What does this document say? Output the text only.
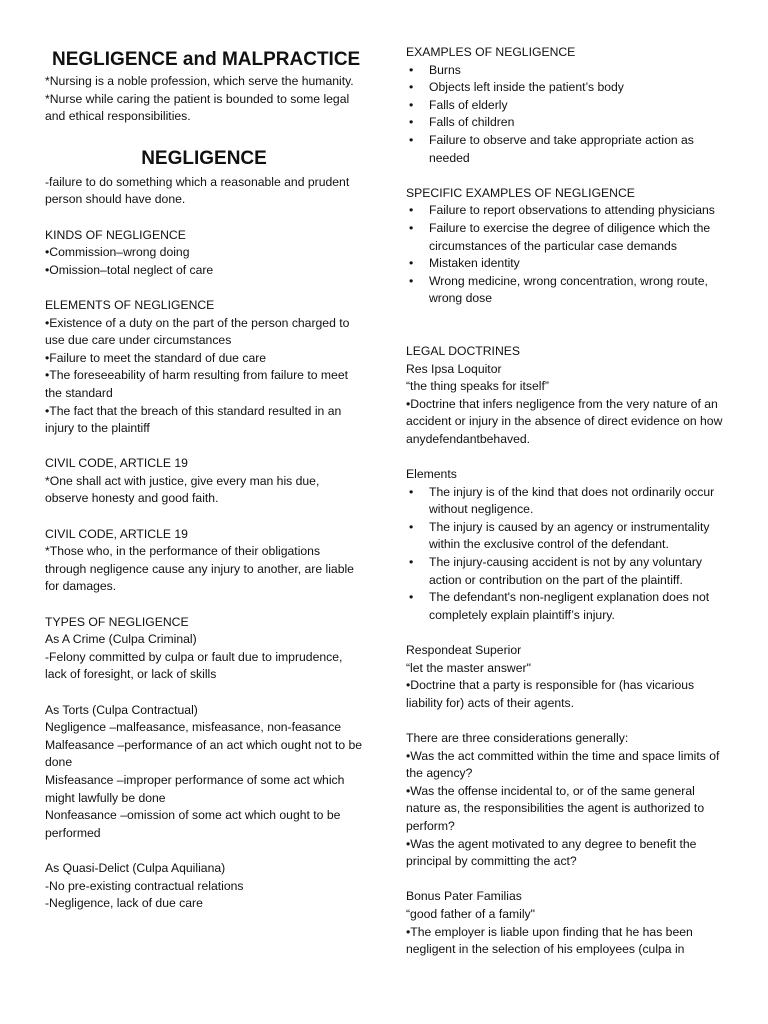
NEGLIGENCE and MALPRACTICE

*Nursing is a noble profession, which serve the humanity.

*Nurse while caring the patient is bounded to some legal and ethical responsibilities.

NEGLIGENCE

-failure to do something which a reasonable and prudent person should have done.

KINDS OF NEGLIGENCE

•Commission–wrong doing

•Omission–total neglect of care

ELEMENTS OF NEGLIGENCE

•Existence of a duty on the part of the person charged to use due care under circumstances

•Failure to meet the standard of due care

•The foreseeability of harm resulting from failure to meet the standard

•The fact that the breach of this standard resulted in an injury to the plaintiff

CIVIL CODE, ARTICLE 19

*One shall act with justice, give every man his due, observe honesty and good faith.

CIVIL CODE, ARTICLE 19

*Those who, in the performance of their obligations through negligence cause any injury to another, are liable for damages.

TYPES OF NEGLIGENCE

As A Crime (Culpa Criminal)

-Felony committed by culpa or fault due to imprudence, lack of foresight, or lack of skills

As Torts (Culpa Contractual)

Negligence –malfeasance, misfeasance, non-feasance

Malfeasance –performance of an act which ought not to be done

Misfeasance –improper performance of some act which might lawfully be done

Nonfeasance –omission of some act which ought to be performed

As Quasi-Delict (Culpa Aquiliana)

-No pre-existing contractual relations

-Negligence, lack of due care

EXAMPLES OF NEGLIGENCE

• Burns
• Objects left inside the patient’s body
• Falls of elderly
• Falls of children
• Failure to observe and take appropriate action as needed

SPECIFIC EXAMPLES OF NEGLIGENCE

• Failure to report observations to attending physicians
• Failure to exercise the degree of diligence which the circumstances of the particular case demands
• Mistaken identity
• Wrong medicine, wrong concentration, wrong route, wrong dose

LEGAL DOCTRINES

Res Ipsa Loquitor

“the thing speaks for itself”

•Doctrine that infers negligence from the very nature of an accident or injury in the absence of direct evidence on how anydefendantbehaved.

Elements

• The injury is of the kind that does not ordinarily occur without negligence.
• The injury is caused by an agency or instrumentality within the exclusive control of the defendant.
• The injury-causing accident is not by any voluntary action or contribution on the part of the plaintiff.
• The defendant's non-negligent explanation does not completely explain plaintiff’s injury.

Respondeat Superior

“let the master answer"

•Doctrine that a party is responsible for (has vicarious liability for) acts of their agents.

There are three considerations generally:

•Was the act committed within the time and space limits of the agency?

•Was the offense incidental to, or of the same general nature as, the responsibilities the agent is authorized to perform?

•Was the agent motivated to any degree to benefit the principal by committing the act?

Bonus Pater Familias

“good father of a family"

•The employer is liable upon finding that he has been negligent in the selection of his employees (culpa in
